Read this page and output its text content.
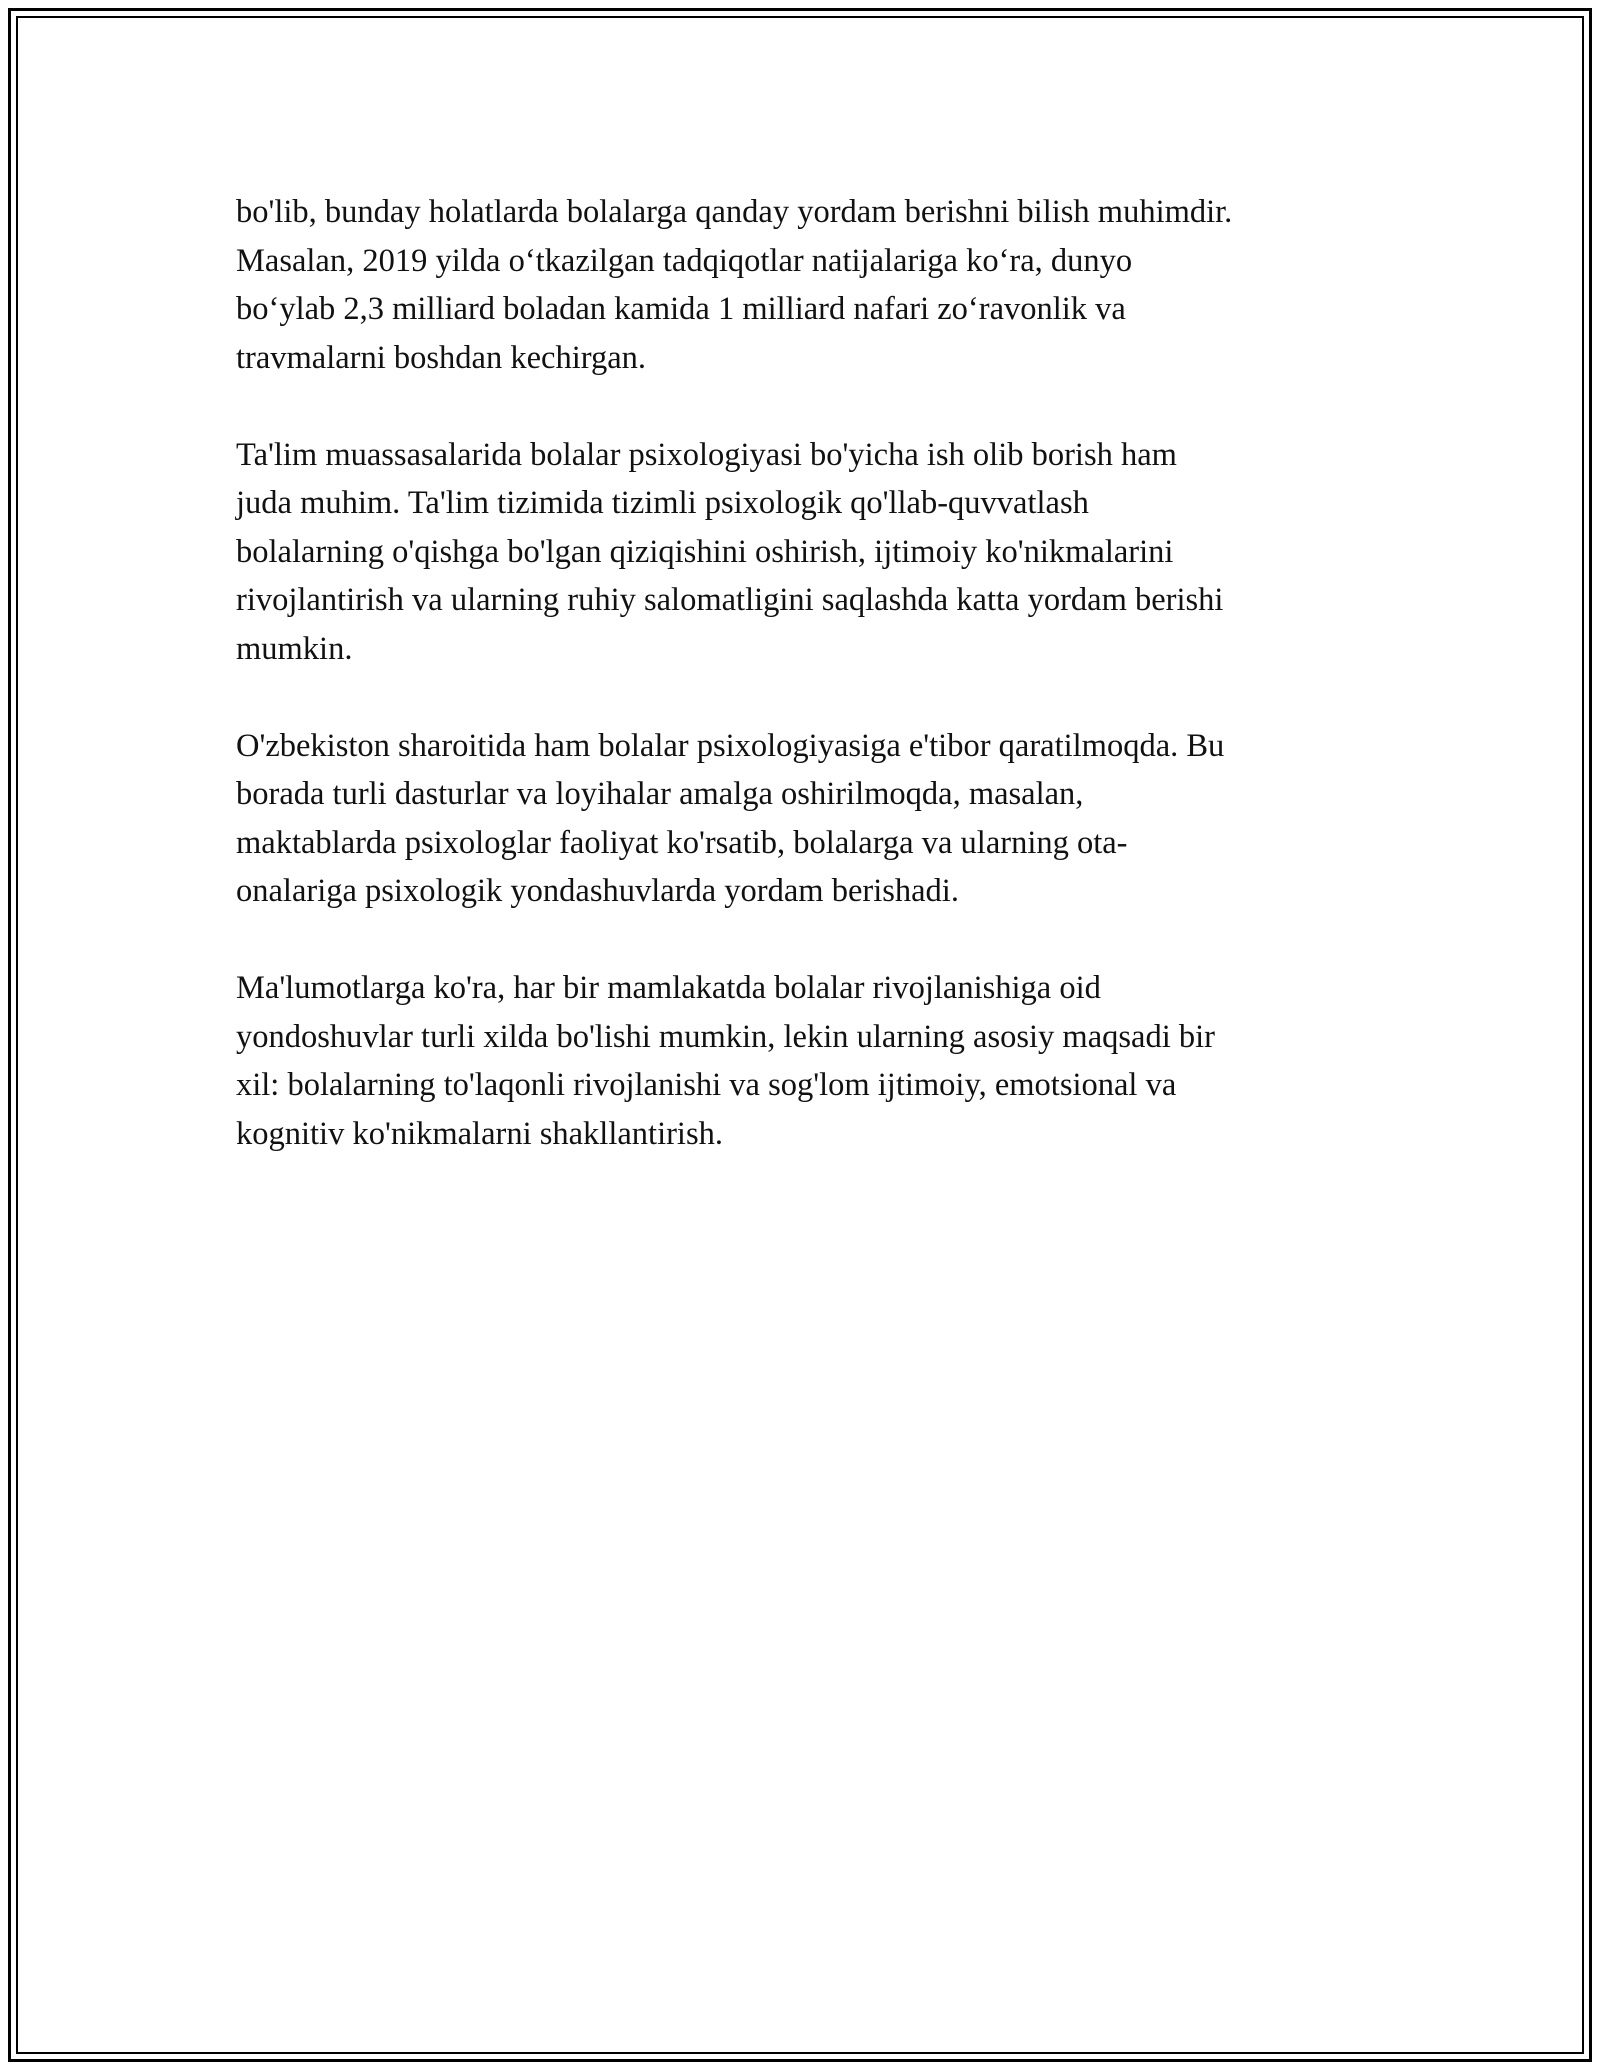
bo'lib, bunday holatlarda bolalarga qanday yordam berishni bilish muhimdir.
Masalan, 2019 yilda o‘tkazilgan tadqiqotlar natijalariga ko‘ra, dunyo
bo‘ylab 2,3 milliard boladan kamida 1 milliard nafari zo‘ravonlik va
travmalarni boshdan kechirgan.

Ta'lim muassasalarida bolalar psixologiyasi bo'yicha ish olib borish ham
juda muhim. Ta'lim tizimida tizimli psixologik qo'llab-quvvatlash
bolalarning o'qishga bo'lgan qiziqishini oshirish, ijtimoiy ko'nikmalarini
rivojlantirish va ularning ruhiy salomatligini saqlashda katta yordam berishi
mumkin.

O'zbekiston sharoitida ham bolalar psixologiyasiga e'tibor qaratilmoqda. Bu
borada turli dasturlar va loyihalar amalga oshirilmoqda, masalan,
maktablarda psixologlar faoliyat ko'rsatib, bolalarga va ularning ota-
onalariga psixologik yondashuvlarda yordam berishadi.

Ma'lumotlarga ko'ra, har bir mamlakatda bolalar rivojlanishiga oid
yondoshuvlar turli xilda bo'lishi mumkin, lekin ularning asosiy maqsadi bir
xil: bolalarning to'laqonli rivojlanishi va sog'lom ijtimoiy, emotsional va
kognitiv ko'nikmalarni shakllantirish.
